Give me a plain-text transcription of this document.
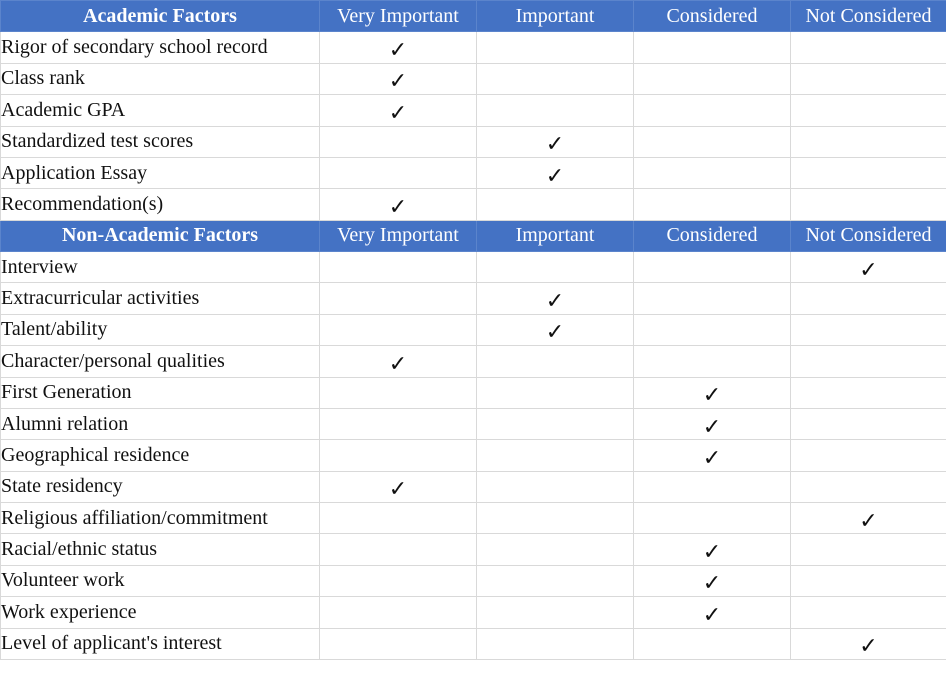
Academic Factors	Very Important	Important	Considered	Not Considered
Rigor of secondary school record	✓			
Class rank	✓			
Academic GPA	✓			
Standardized test scores		✓		
Application Essay		✓		
Recommendation(s)	✓			
Non-Academic Factors	Very Important	Important	Considered	Not Considered
Interview				✓
Extracurricular activities		✓		
Talent/ability		✓		
Character/personal qualities	✓			
First Generation			✓	
Alumni relation			✓	
Geographical residence			✓	
State residency	✓			
Religious affiliation/commitment				✓
Racial/ethnic status			✓	
Volunteer work			✓	
Work experience			✓	
Level of applicant's interest				✓
